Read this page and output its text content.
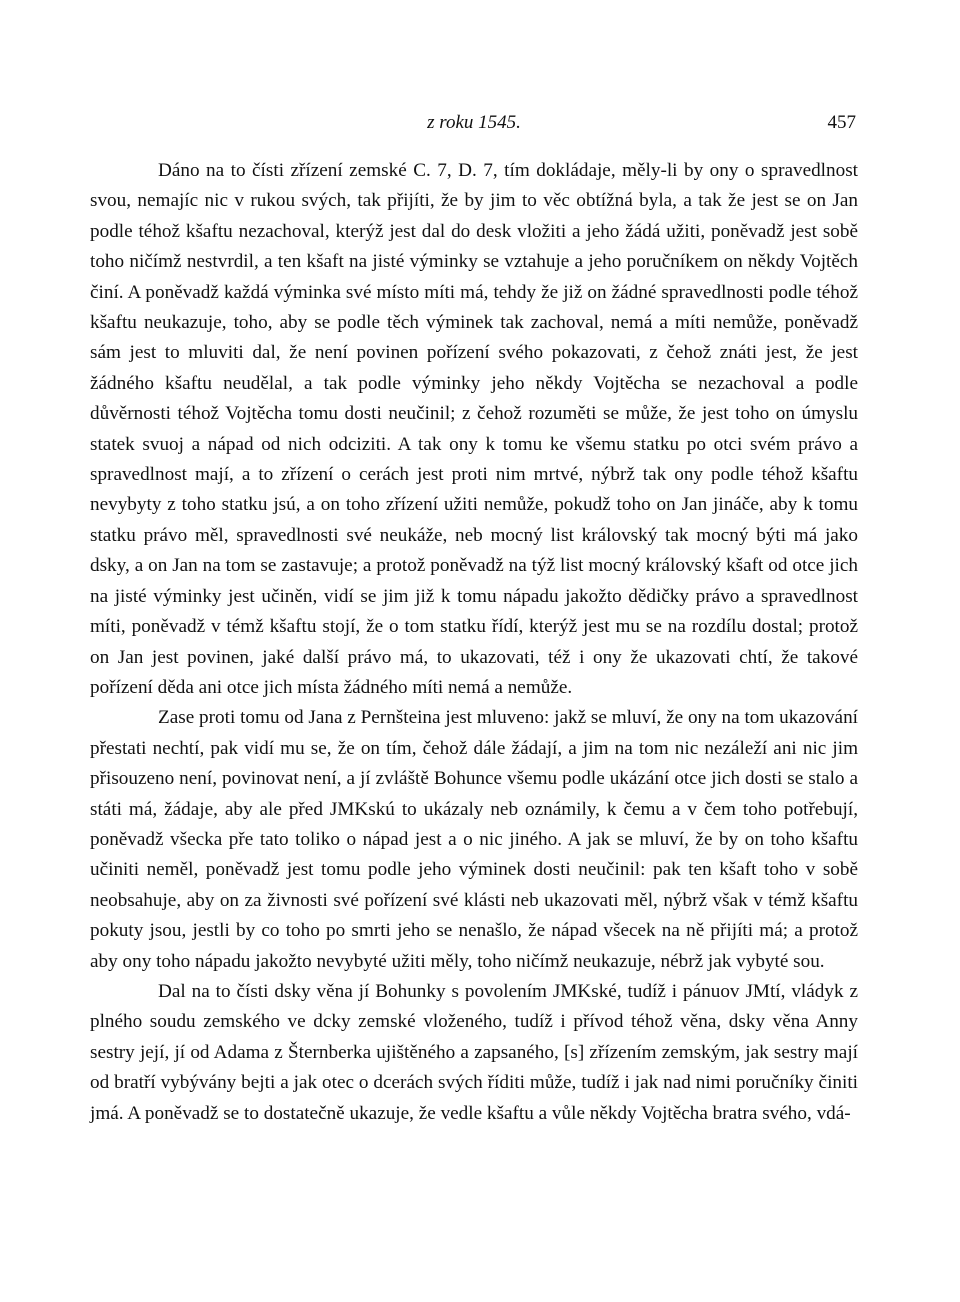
z roku 1545.	457

Dáno na to čísti zřízení zemské C. 7, D. 7, tím dokládaje, měly-li by ony o spravedlnost svou, nemajíc nic v rukou svých, tak přijíti, že by jim to věc obtížná byla, a tak že jest se on Jan podle téhož kšaftu nezachoval, kterýž jest dal do desk vložiti a jeho žádá užiti, poněvadž jest sobě toho ničímž nestvrdil, a ten kšaft na jisté výminky se vztahuje a jeho poručníkem on někdy Vojtěch činí. A poněvadž každá výminka své místo míti má, tehdy že již on žádné spravedlnosti podle téhož kšaftu neukazuje, toho, aby se podle těch výminek tak zachoval, nemá a míti nemůže, poněvadž sám jest to mluviti dal, že není povinen pořízení svého pokazovati, z čehož znáti jest, že jest žádného kšaftu neudělal, a tak podle výminky jeho někdy Vojtěcha se nezachoval a podle důvěrnosti téhož Vojtěcha tomu dosti neučinil; z čehož rozuměti se může, že jest toho on úmyslu statek svuoj a nápad od nich odciziti. A tak ony k tomu ke všemu statku po otci svém právo a spravedlnost mají, a to zřízení o cerách jest proti nim mrtvé, nýbrž tak ony podle téhož kšaftu nevybyty z toho statku jsú, a on toho zřízení užiti nemůže, pokudž toho on Jan jináče, aby k tomu statku právo měl, spravedlnosti své neukáže, neb mocný list královský tak mocný býti má jako dsky, a on Jan na tom se zastavuje; a protož poněvadž na týž list mocný královský kšaft od otce jich na jisté výminky jest učiněn, vidí se jim již k tomu nápadu jakožto dědičky právo a spravedlnost míti, poněvadž v témž kšaftu stojí, že o tom statku řídí, kterýž jest mu se na rozdílu dostal; protož on Jan jest povinen, jaké další právo má, to ukazovati, též i ony že ukazovati chtí, že takové pořízení děda ani otce jich místa žádného míti nemá a nemůže.

Zase proti tomu od Jana z Pernšteina jest mluveno: jakž se mluví, že ony na tom ukazování přestati nechtí, pak vidí mu se, že on tím, čehož dále žádají, a jim na tom nic nezáleží ani nic jim přisouzeno není, povinovat není, a jí zvláště Bohunce všemu podle ukázání otce jich dosti se stalo a státi má, žádaje, aby ale před JMKskú to ukázaly neb oznámily, k čemu a v čem toho potřebují, poněvadž všecka pře tato toliko o nápad jest a o nic jiného. A jak se mluví, že by on toho kšaftu učiniti neměl, poněvadž jest tomu podle jeho výminek dosti neučinil: pak ten kšaft toho v sobě neobsahuje, aby on za živnosti své pořízení své klásti neb ukazovati měl, nýbrž však v témž kšaftu pokuty jsou, jestli by co toho po smrti jeho se nenašlo, že nápad všecek na ně přijíti má; a protož aby ony toho nápadu jakožto nevybyté užiti měly, toho ničímž neukazuje, nébrž jak vybyté sou.

Dal na to čísti dsky věna jí Bohunky s povolením JMKské, tudíž i pánuov JMtí, vládyk z plného soudu zemského ve dcky zemské vloženého, tudíž i přívod téhož věna, dsky věna Anny sestry její, jí od Adama z Šternberka ujištěného a zapsaného, [s] zřízením zemským, jak sestry mají od bratří vybývány bejti a jak otec o dcerách svých říditi může, tudíž i jak nad nimi poručníky činiti jmá. A poněvadž se to dostatečně ukazuje, že vedle kšaftu a vůle někdy Vojtěcha bratra svého, vdá-
